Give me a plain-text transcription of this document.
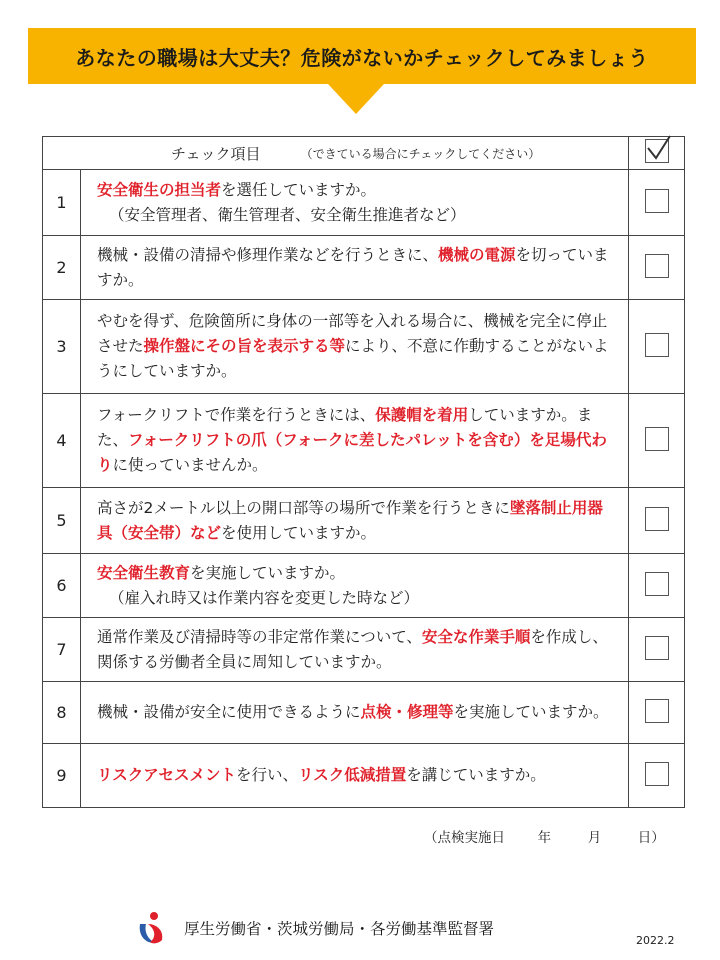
あなたの職場は大丈夫？危険がないかチェックしてみましょう
チェック項目 （できている場合にチェックしてください）

1	安全衛生の担当者を選任していますか。
（安全管理者、衛生管理者、安全衛生推進者など）	
2	機械・設備の清掃や修理作業などを行うときに、機械の電源を切っていますか。	
3	やむを得ず、危険箇所に身体の一部等を入れる場合に、機械を完全に停止させた操作盤にその旨を表示する等により、不意に作動することがないようにしていますか。	
4	フォークリフトで作業を行うときには、保護帽を着用していますか。また、フォークリフトの爪（フォークに差したパレットを含む）を足場代わりに使っていませんか。	
5	高さが2メートル以上の開口部等の場所で作業を行うときに墜落制止用器具（安全帯）などを使用していますか。	
6	安全衛生教育を実施していますか。
（雇入れ時又は作業内容を変更した時など）	
7	通常作業及び清掃時等の非定常作業について、安全な作業手順を作成し、関係する労働者全員に周知していますか。	
8	機械・設備が安全に使用できるように点検・修理等を実施していますか。	
9	リスクアセスメントを行い、リスク低減措置を講じていますか。	
（点検実施日 年	月	日）
厚生労働省・茨城労働局・各労働基準監督署
2022.2
